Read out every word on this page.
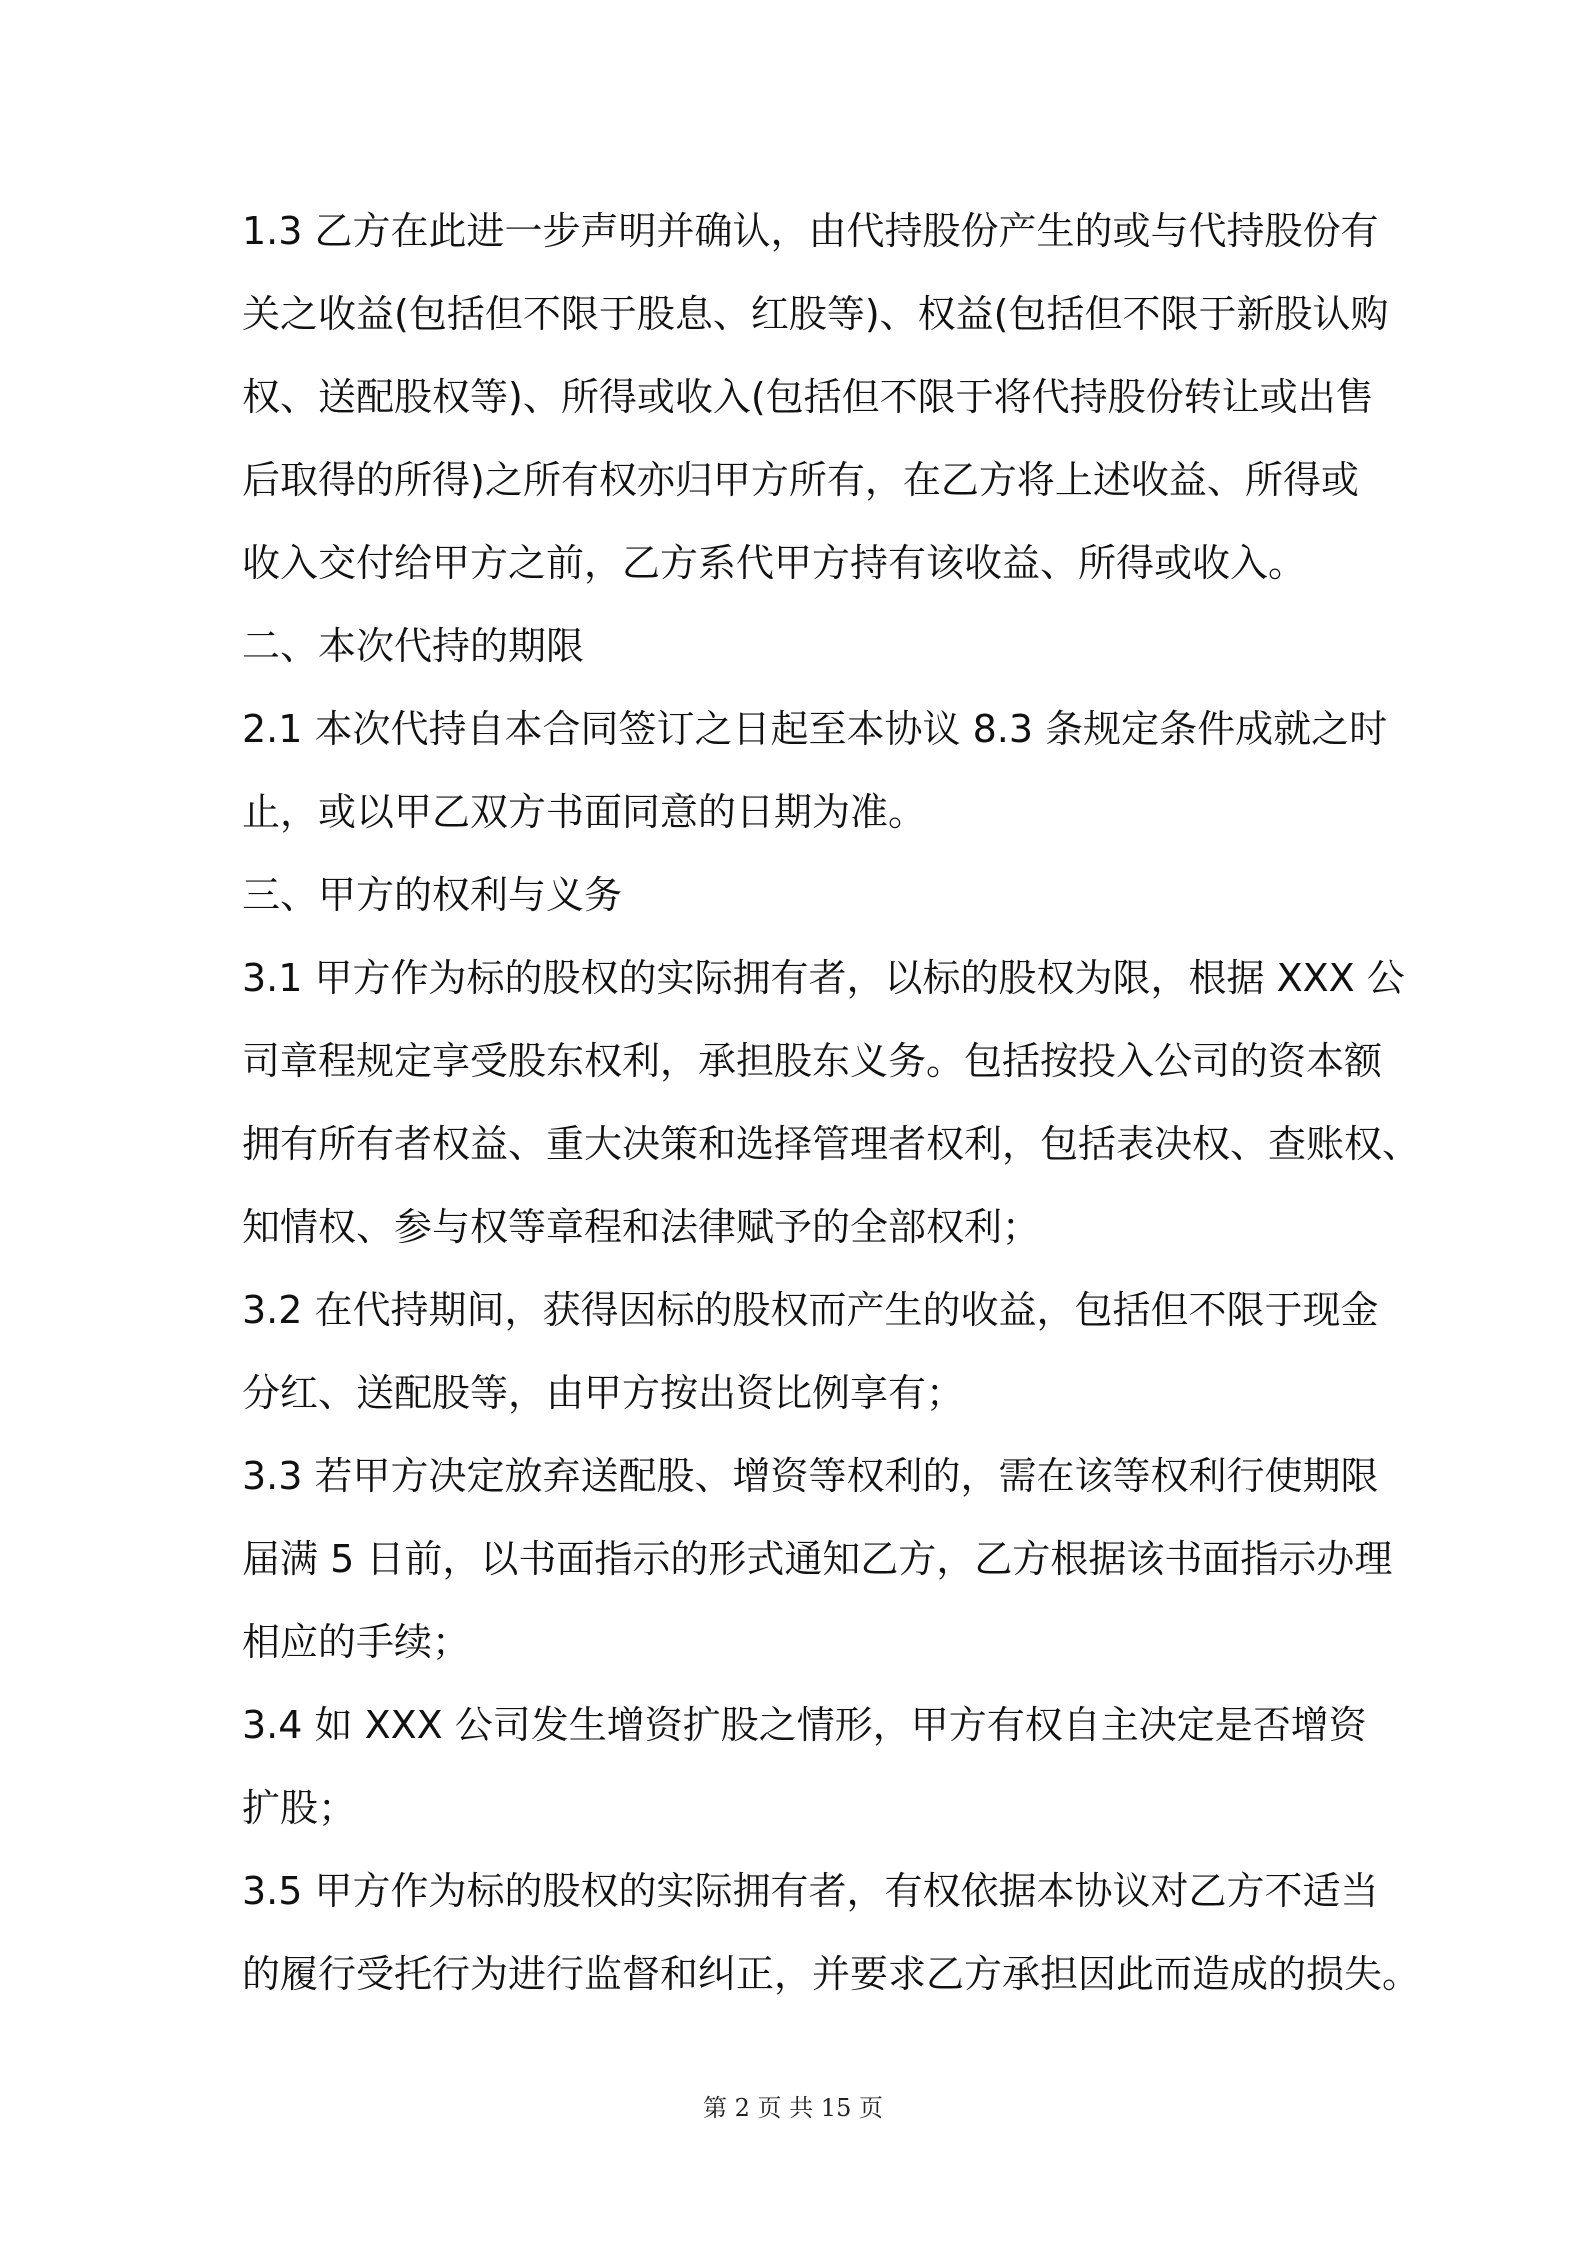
1.3 乙方在此进一步声明并确认，由代持股份产生的或与代持股份有
关之收益(包括但不限于股息、红股等)、权益(包括但不限于新股认购
权、送配股权等)、所得或收入(包括但不限于将代持股份转让或出售
后取得的所得)之所有权亦归甲方所有，在乙方将上述收益、所得或
收入交付给甲方之前，乙方系代甲方持有该收益、所得或收入。
二、本次代持的期限
2.1 本次代持自本合同签订之日起至本协议 8.3 条规定条件成就之时
止，或以甲乙双方书面同意的日期为准。
三、甲方的权利与义务
3.1 甲方作为标的股权的实际拥有者，以标的股权为限，根据 XXX 公
司章程规定享受股东权利，承担股东义务。包括按投入公司的资本额
拥有所有者权益、重大决策和选择管理者权利，包括表决权、查账权、
知情权、参与权等章程和法律赋予的全部权利；
3.2 在代持期间，获得因标的股权而产生的收益，包括但不限于现金
分红、送配股等，由甲方按出资比例享有；
3.3 若甲方决定放弃送配股、增资等权利的，需在该等权利行使期限
届满 5 日前，以书面指示的形式通知乙方，乙方根据该书面指示办理
相应的手续；
3.4 如 XXX 公司发生增资扩股之情形，甲方有权自主决定是否增资
扩股；
3.5 甲方作为标的股权的实际拥有者，有权依据本协议对乙方不适当
的履行受托行为进行监督和纠正，并要求乙方承担因此而造成的损失。
第 2 页 共 15 页
